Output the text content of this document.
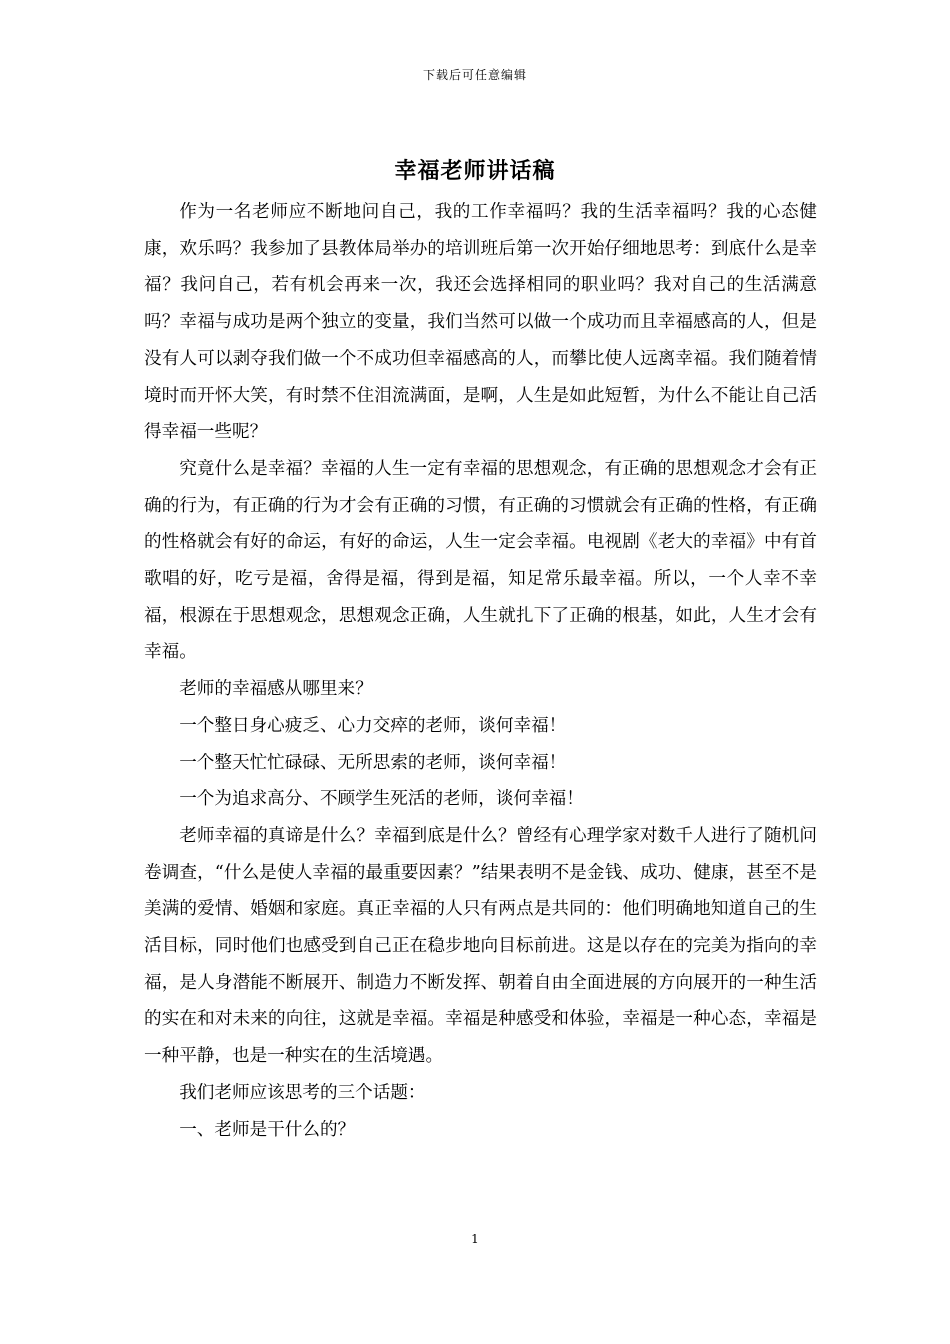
下载后可任意编辑
幸福老师讲话稿

作为一名老师应不断地问自己，我的工作幸福吗？我的生活幸福吗？我的心态健康，欢乐吗？我参加了县教体局举办的培训班后第一次开始仔细地思考：到底什么是幸福？我问自己，若有机会再来一次，我还会选择相同的职业吗？我对自己的生活满意吗？幸福与成功是两个独立的变量，我们当然可以做一个成功而且幸福感高的人，但是没有人可以剥夺我们做一个不成功但幸福感高的人，而攀比使人远离幸福。我们随着情境时而开怀大笑，有时禁不住泪流满面，是啊，人生是如此短暂，为什么不能让自己活得幸福一些呢？

究竟什么是幸福？幸福的人生一定有幸福的思想观念，有正确的思想观念才会有正确的行为，有正确的行为才会有正确的习惯，有正确的习惯就会有正确的性格，有正确的性格就会有好的命运，有好的命运，人生一定会幸福。电视剧《老大的幸福》中有首歌唱的好，吃亏是福，舍得是福，得到是福，知足常乐最幸福。所以，一个人幸不幸福，根源在于思想观念，思想观念正确，人生就扎下了正确的根基，如此，人生才会有幸福。

老师的幸福感从哪里来？

一个整日身心疲乏、心力交瘁的老师，谈何幸福！

一个整天忙忙碌碌、无所思索的老师，谈何幸福！

一个为追求高分、不顾学生死活的老师，谈何幸福！

老师幸福的真谛是什么？幸福到底是什么？曾经有心理学家对数千人进行了随机问卷调查，“什么是使人幸福的最重要因素？”结果表明不是金钱、成功、健康，甚至不是美满的爱情、婚姻和家庭。真正幸福的人只有两点是共同的：他们明确地知道自己的生活目标，同时他们也感受到自己正在稳步地向目标前进。这是以存在的完美为指向的幸福，是人身潜能不断展开、制造力不断发挥、朝着自由全面进展的方向展开的一种生活的实在和对未来的向往，这就是幸福。幸福是种感受和体验，幸福是一种心态，幸福是一种平静，也是一种实在的生活境遇。

我们老师应该思考的三个话题：

一、老师是干什么的？

1
